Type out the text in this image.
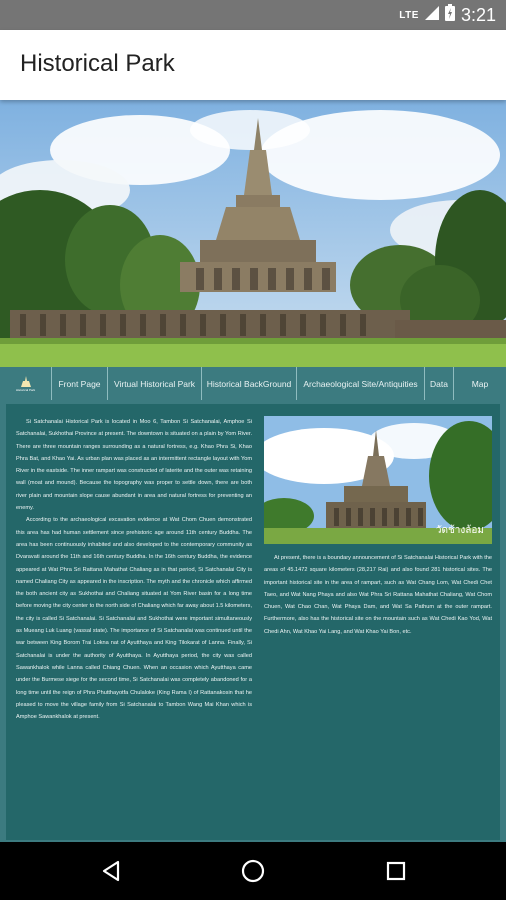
LTE 3:21
Historical Park
Historical Park
Front Page	Virtual Historical Park	Historical BackGround	Archaeological Site/Antiquities	Data	Map

Si Satchanalai Historical Park is located in Moo 6, Tambon Si Satchanalai, Amphoe Si Satchanalai, Sukhothai Province at present. The downtown is situated on a plain by Yom River. There are three mountain ranges surrounding as a natural fortress, e.g. Khao Phra Si, Khao Phra Bat, and Khao Yai. As urban plan was placed as an intermittent rectangle layout with Yom River in the eastside. The inner rampart was constructed of laterite and the outer was retaining wall (moat and mound). Because the topography was proper to settle down, there are both river plain and mountain slope cause abundant in area and natural fortress for preventing an enemy.

According to the archaeological excavation evidence at Wat Chom Chuen demonstrated this area has had human settlement since prehistoric age around 11th century Buddha. The area has been continuously inhabited and also developed to the contemporary community as Dvaravati around the 11th and 16th century Buddha. In the 16th century Buddha, the evidence appeared at Wat Phra Sri Rattana Mahathat Chaliang as in that period, Si Satchanalai City is named Chaliang City as appeared in the inscription. The myth and the chronicle which affirmed the both ancient city as Sukhothai and Chaliang situated at Yom River basin for a long time before moving the city center to the north side of Chaliang which far away about 1.5 kilometers, the city is called Si Satchanalai. Si Satchanalai and Sukhothai were important simultaneously as Mueang Luk Luang (vassal state). The importance of Si Satchanalai was continued until the war between King Borom Trai Lokna nat of Ayutthaya and King Tilokarat of Lanna. Finally, Si Satchanalai is under the authority of Ayutthaya. In Ayutthaya period, the city was called Sawankhalok while Lanna called Chiang Chuen. When an occasion which Ayutthaya came under the Burmese siege for the second time, Si Satchanalai was completely abandoned for a long time until the reign of Phra Phutthayotfa Chulaloke (King Rama I) of Rattanakosin that he pleased to move the village family from Si Satchanalai to Tambon Wang Mai Khan which is Amphoe Sawankhalok at present.

วัดช้างล้อม

At present, there is a boundary announcement of Si Satchanalai Historical Park with the areas of 45.1472 square kilometers (28,217 Rai) and also found 281 historical sites. The important historical site in the area of rampart, such as Wat Chang Lom, Wat Chedi Chet Taeo, and Wat Nang Phaya and also Wat Phra Sri Rattana Mahathat Chaliang, Wat Chom Chuen, Wat Chao Chan, Wat Phaya Dam, and Wat Sa Pathum at the outer rampart. Furthermore, also has the historical site on the mountain such as Wat Chedi Kao Yod, Wat Chedi Ahn, Wat Khao Yai Lang, and Wat Khao Yai Bon, etc.
